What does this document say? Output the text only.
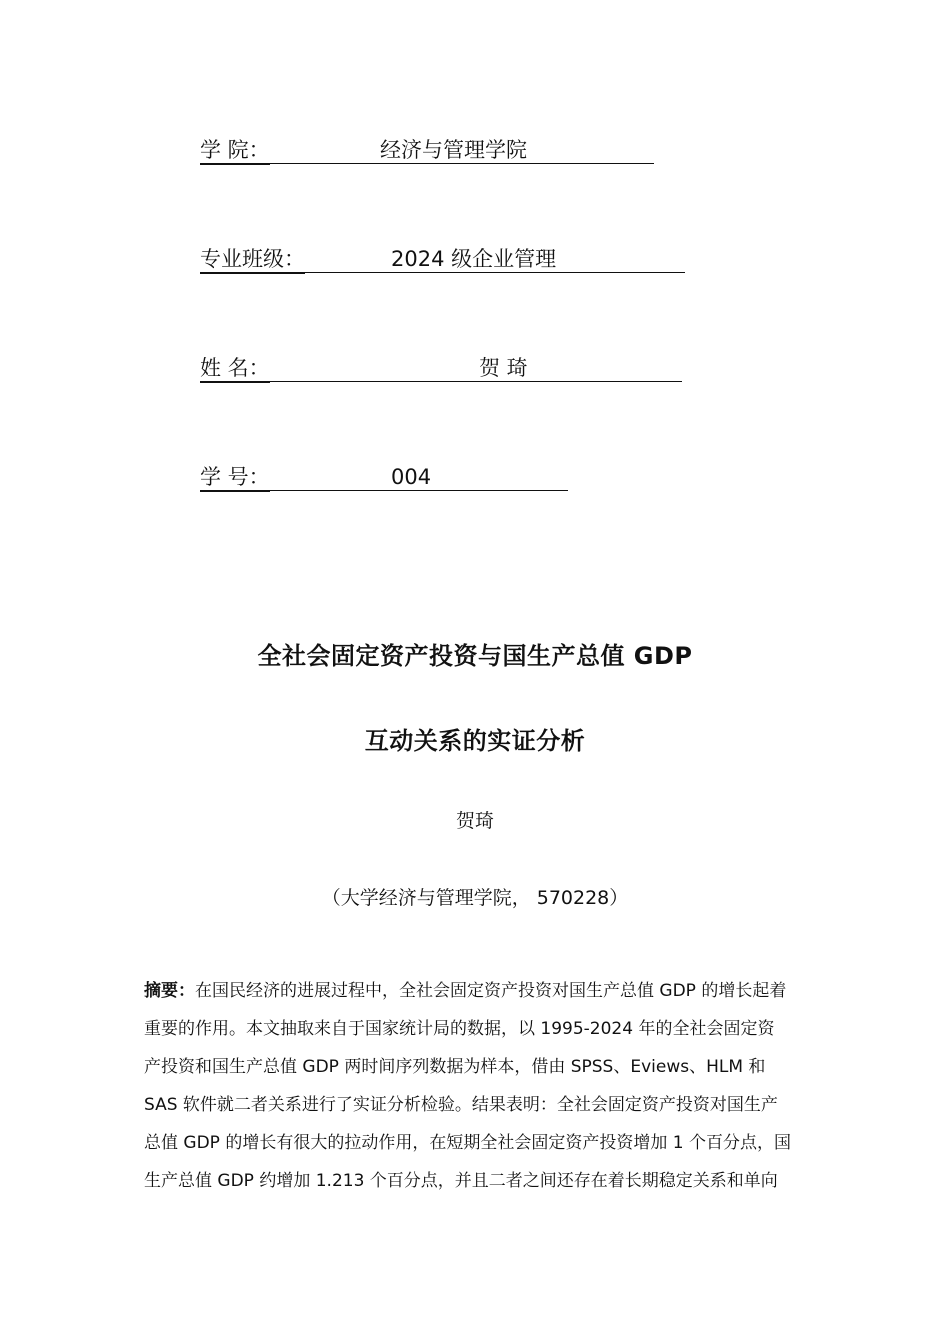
学 院：	经济与管理学院
专业班级：	2024 级企业管理
姓 名：	贺 琦
学 号：	004
全社会固定资产投资与国生产总值 GDP
互动关系的实证分析
贺琦
（大学经济与管理学院， 570228）
摘要：在国民经济的进展过程中，全社会固定资产投资对国生产总值 GDP 的增长起着
重要的作用。本文抽取来自于国家统计局的数据，以 1995-2024 年的全社会固定资
产投资和国生产总值 GDP 两时间序列数据为样本，借由 SPSS、Eviews、HLM 和
SAS 软件就二者关系进行了实证分析检验。结果表明：全社会固定资产投资对国生产
总值 GDP 的增长有很大的拉动作用，在短期全社会固定资产投资增加 1 个百分点，国
生产总值 GDP 约增加 1.213 个百分点，并且二者之间还存在着长期稳定关系和单向
